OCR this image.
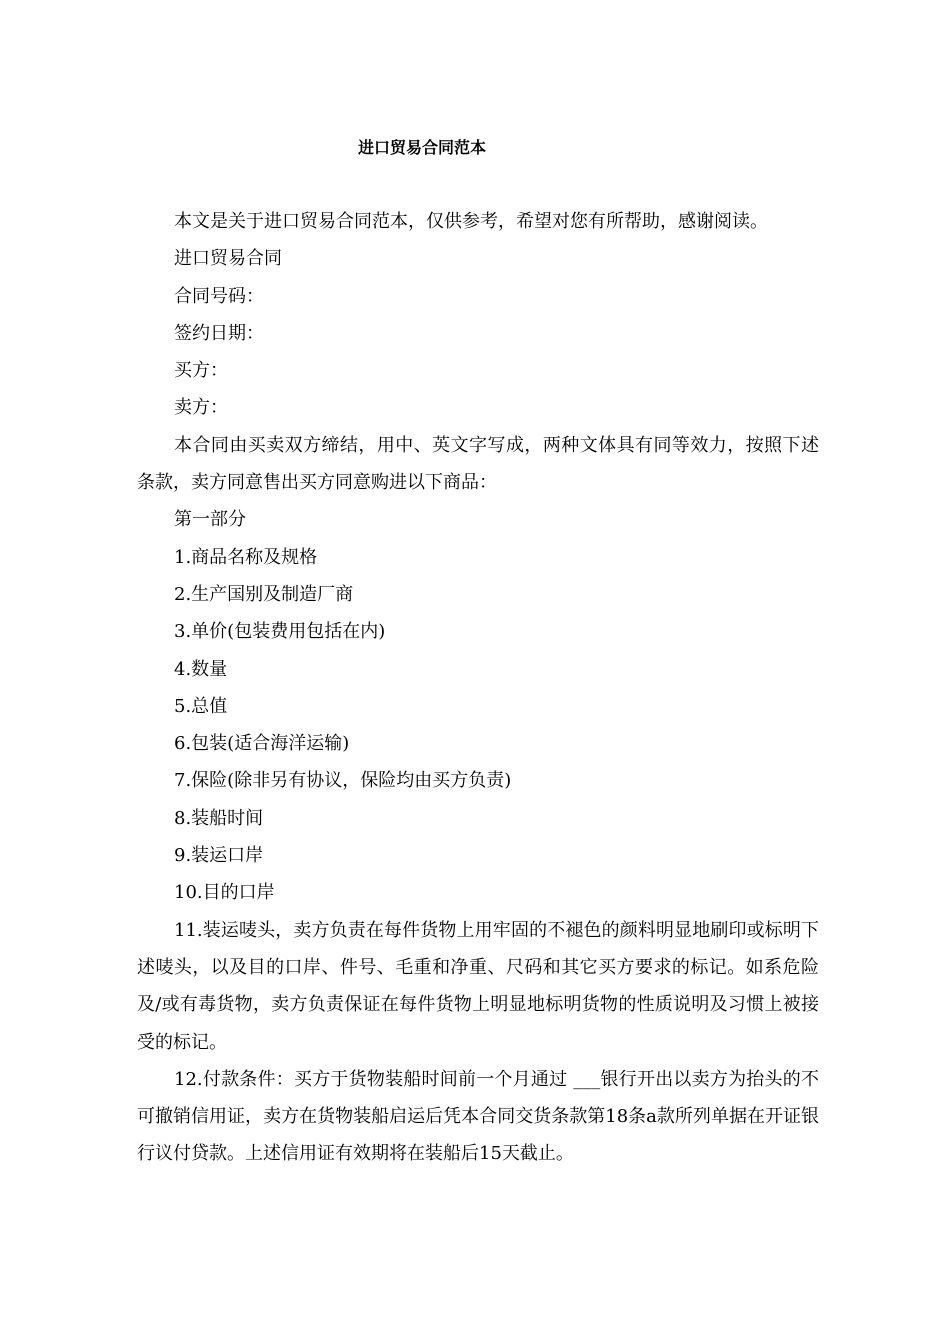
进口贸易合同范本

本文是关于进口贸易合同范本，仅供参考，希望对您有所帮助，感谢阅读。

进口贸易合同

合同号码：

签约日期：

买方：

卖方：

本合同由买卖双方缔结，用中、英文字写成，两种文体具有同等效力，按照下述条款，卖方同意售出买方同意购进以下商品：

第一部分

1.商品名称及规格

2.生产国别及制造厂商

3.单价(包装费用包括在内)

4.数量

5.总值

6.包装(适合海洋运输)

7.保险(除非另有协议，保险均由买方负责)

8.装船时间

9.装运口岸

10.目的口岸

11.装运唛头，卖方负责在每件货物上用牢固的不褪色的颜料明显地刷印或标明下述唛头，以及目的口岸、件号、毛重和净重、尺码和其它买方要求的标记。如系危险及/或有毒货物，卖方负责保证在每件货物上明显地标明货物的性质说明及习惯上被接受的标记。

12.付款条件：买方于货物装船时间前一个月通过 ___银行开出以卖方为抬头的不可撤销信用证，卖方在货物装船启运后凭本合同交货条款第18条a款所列单据在开证银行议付贷款。上述信用证有效期将在装船后15天截止。
